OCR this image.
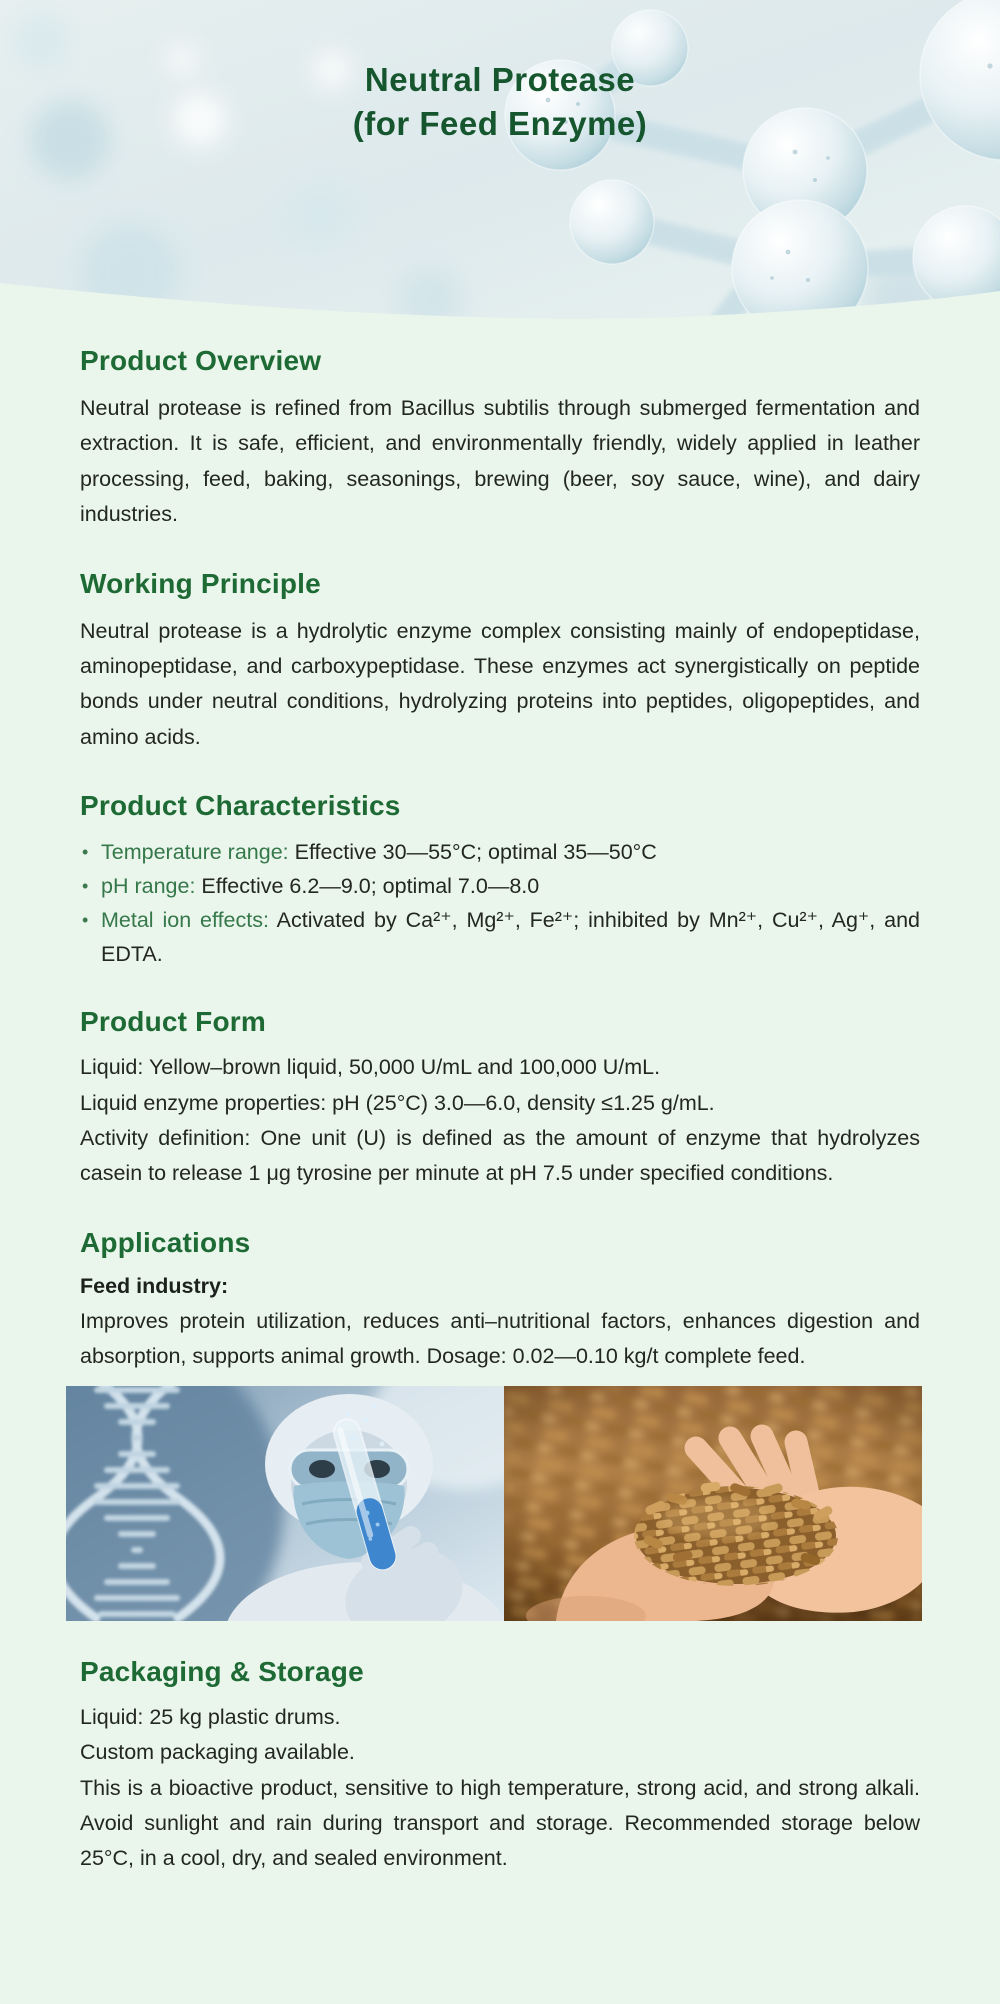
Neutral Protease
(for Feed Enzyme)
Product Overview

Neutral protease is refined from Bacillus subtilis through submerged fermentation and extraction. It is safe, efficient, and environmentally friendly, widely applied in leather processing, feed, baking, seasonings, brewing (beer, soy sauce, wine), and dairy industries.

Working Principle

Neutral protease is a hydrolytic enzyme complex consisting mainly of endopeptidase, aminopeptidase, and carboxypeptidase. These enzymes act synergistically on peptide bonds under neutral conditions, hydrolyzing proteins into peptides, oligopeptides, and amino acids.

Product Characteristics
• Temperature range: Effective 30—55°C; optimal 35—50°C
• pH range: Effective 6.2—9.0; optimal 7.0—8.0
• Metal ion effects: Activated by Ca²⁺, Mg²⁺, Fe²⁺; inhibited by Mn²⁺, Cu²⁺, Ag⁺, and EDTA.
Product Form

Liquid: Yellow–brown liquid, 50,000 U/mL and 100,000 U/mL.

Liquid enzyme properties: pH (25°C) 3.0—6.0, density ≤1.25 g/mL.

Activity definition: One unit (U) is defined as the amount of enzyme that hydrolyzes casein to release 1 μg tyrosine per minute at pH 7.5 under specified conditions.

Applications

Feed industry:

Improves protein utilization, reduces anti–nutritional factors, enhances digestion and absorption, supports animal growth. Dosage: 0.02—0.10 kg/t complete feed.

Packaging & Storage

Liquid: 25 kg plastic drums.

Custom packaging available.

This is a bioactive product, sensitive to high temperature, strong acid, and strong alkali. Avoid sunlight and rain during transport and storage. Recommended storage below 25°C, in a cool, dry, and sealed environment.
